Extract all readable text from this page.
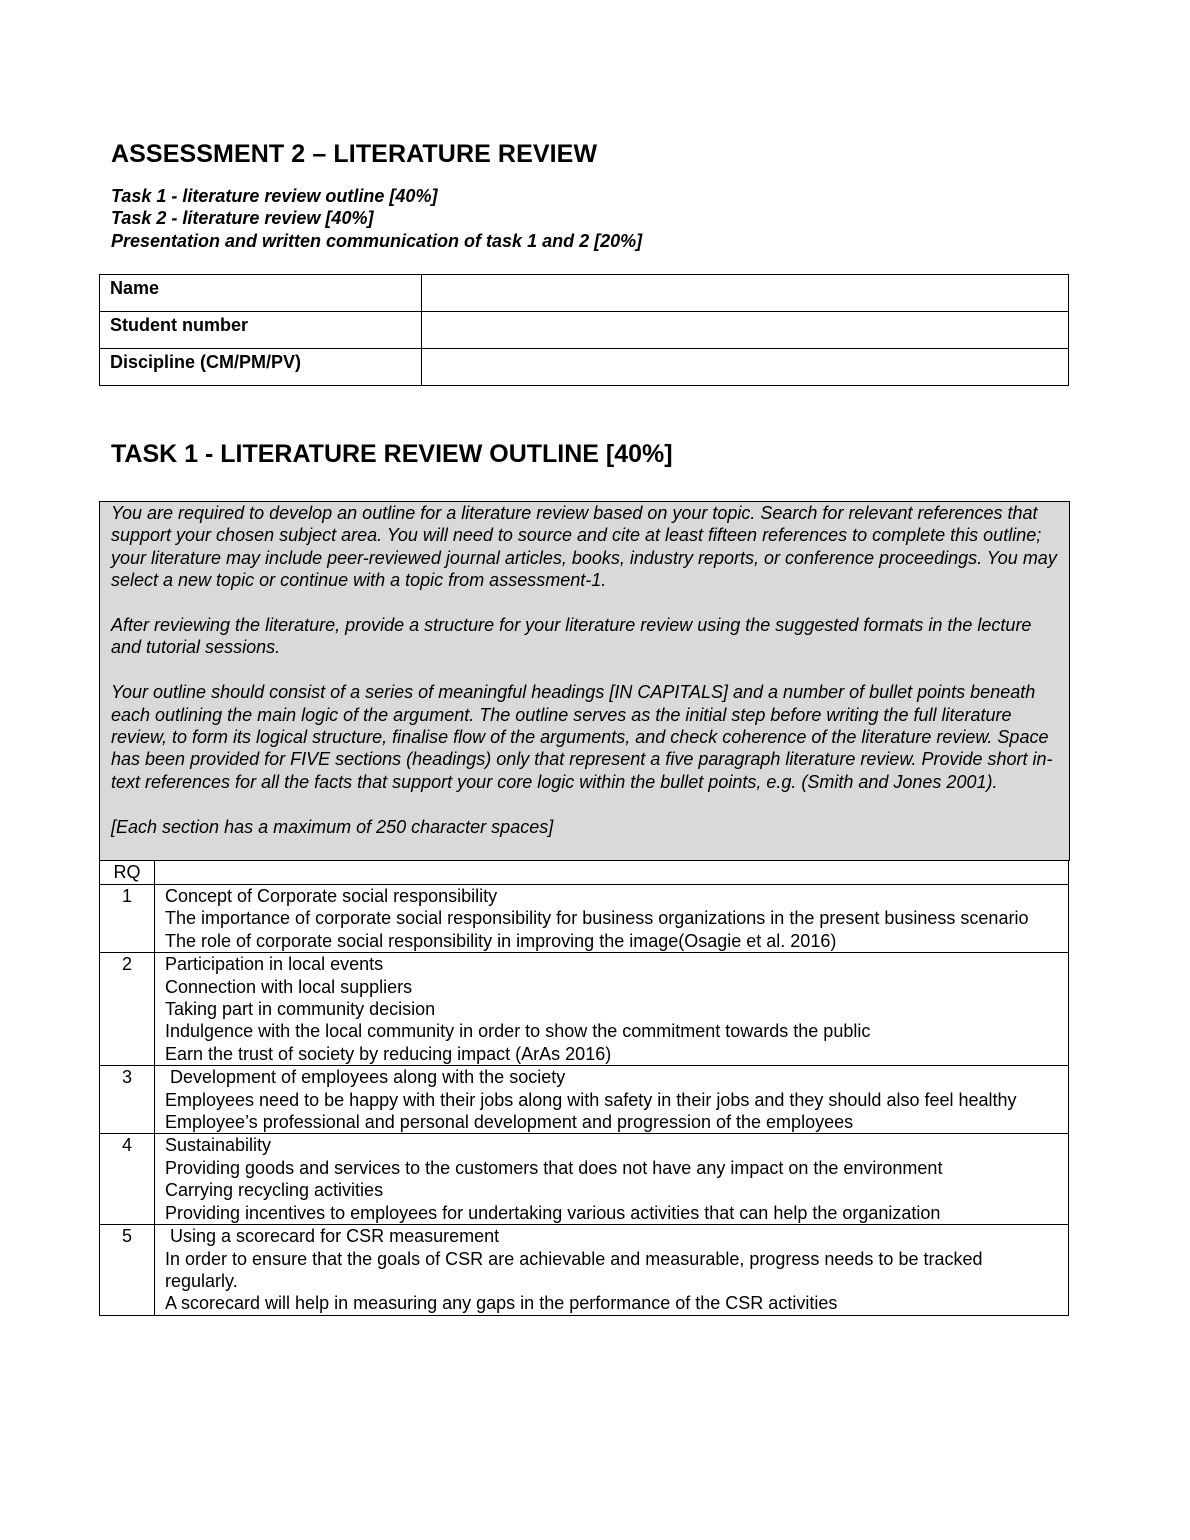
ASSESSMENT 2 – LITERATURE REVIEW
Task 1 - literature review outline [40%]
Task 2 - literature review [40%]
Presentation and written communication of task 1 and 2 [20%]
Name	
Student number	
Discipline (CM/PM/PV)	
TASK 1 - LITERATURE REVIEW OUTLINE [40%]

You are required to develop an outline for a literature review based on your topic. Search for relevant references that support your chosen subject area. You will need to source and cite at least fifteen references to complete this outline; your literature may include peer-reviewed journal articles, books, industry reports, or conference proceedings. You may select a new topic or continue with a topic from assessment-1.

After reviewing the literature, provide a structure for your literature review using the suggested formats in the lecture and tutorial sessions.

Your outline should consist of a series of meaningful headings [IN CAPITALS] and a number of bullet points beneath each outlining the main logic of the argument. The outline serves as the initial step before writing the full literature review, to form its logical structure, finalise flow of the arguments, and check coherence of the literature review. Space has been provided for FIVE sections (headings) only that represent a five paragraph literature review. Provide short in-text references for all the facts that support your core logic within the bullet points, e.g. (Smith and Jones 2001).

[Each section has a maximum of 250 character spaces]

RQ	
1	Concept of Corporate social responsibility
The importance of corporate social responsibility for business organizations in the present business scenario
The role of corporate social responsibility in improving the image(Osagie et al. 2016)

2	Participation in local events
Connection with local suppliers
Taking part in community decision
Indulgence with the local community in order to show the commitment towards the public
Earn the trust of society by reducing impact (ArAs 2016)

3	Development of employees along with the society
Employees need to be happy with their jobs along with safety in their jobs and they should also feel healthy
Employee’s professional and personal development and progression of the employees

4	Sustainability
Providing goods and services to the customers that does not have any impact on the environment
Carrying recycling activities
Providing incentives to employees for undertaking various activities that can help the organization

5	Using a scorecard for CSR measurement
In order to ensure that the goals of CSR are achievable and measurable, progress needs to be tracked regularly.
A scorecard will help in measuring any gaps in the performance of the CSR activities
